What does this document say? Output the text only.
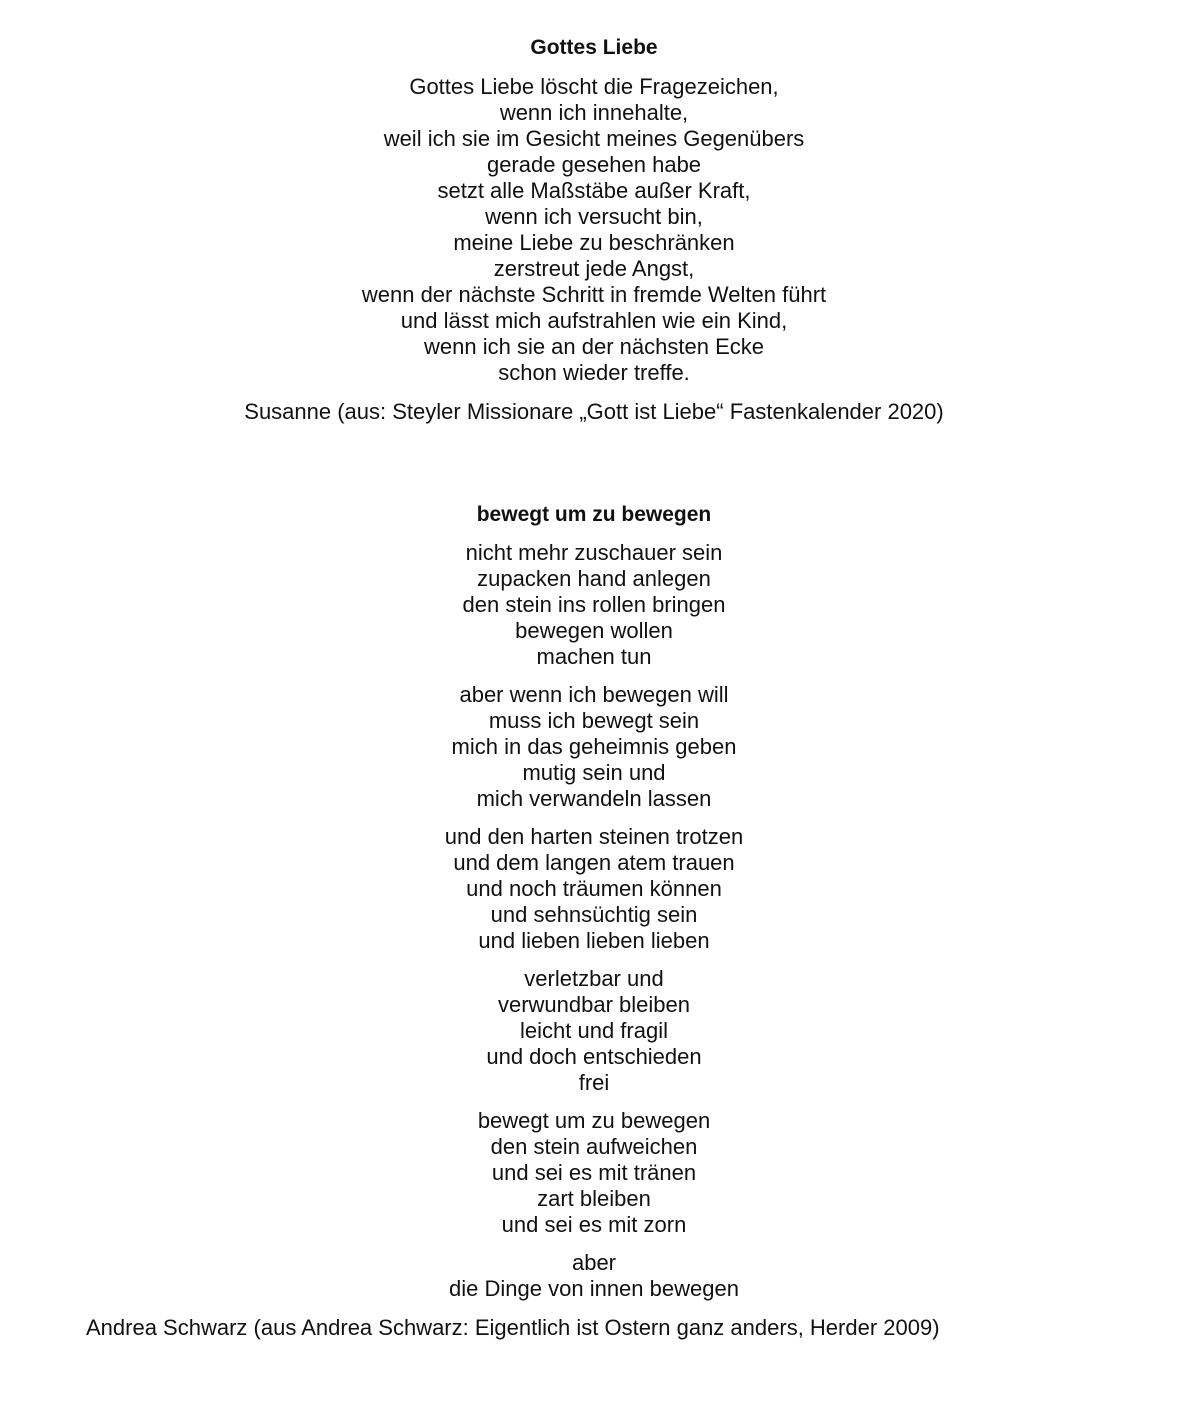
Gottes Liebe
Gottes Liebe löscht die Fragezeichen,
wenn ich innehalte,
weil ich sie im Gesicht meines Gegenübers
gerade gesehen habe
setzt alle Maßstäbe außer Kraft,
wenn ich versucht bin,
meine Liebe zu beschränken
zerstreut jede Angst,
wenn der nächste Schritt in fremde Welten führt
und lässt mich aufstrahlen wie ein Kind,
wenn ich sie an der nächsten Ecke
schon wieder treffe.
Susanne (aus: Steyler Missionare „Gott ist Liebe“ Fastenkalender 2020)
bewegt um zu bewegen
nicht mehr zuschauer sein
zupacken hand anlegen
den stein ins rollen bringen
bewegen wollen
machen tun
aber wenn ich bewegen will
muss ich bewegt sein
mich in das geheimnis geben
mutig sein und
mich verwandeln lassen
und den harten steinen trotzen
und dem langen atem trauen
und noch träumen können
und sehnsüchtig sein
und lieben lieben lieben
verletzbar und
verwundbar bleiben
leicht und fragil
und doch entschieden
frei
bewegt um zu bewegen
den stein aufweichen
und sei es mit tränen
zart bleiben
und sei es mit zorn
aber
die Dinge von innen bewegen
Andrea Schwarz (aus Andrea Schwarz: Eigentlich ist Ostern ganz anders, Herder 2009)
